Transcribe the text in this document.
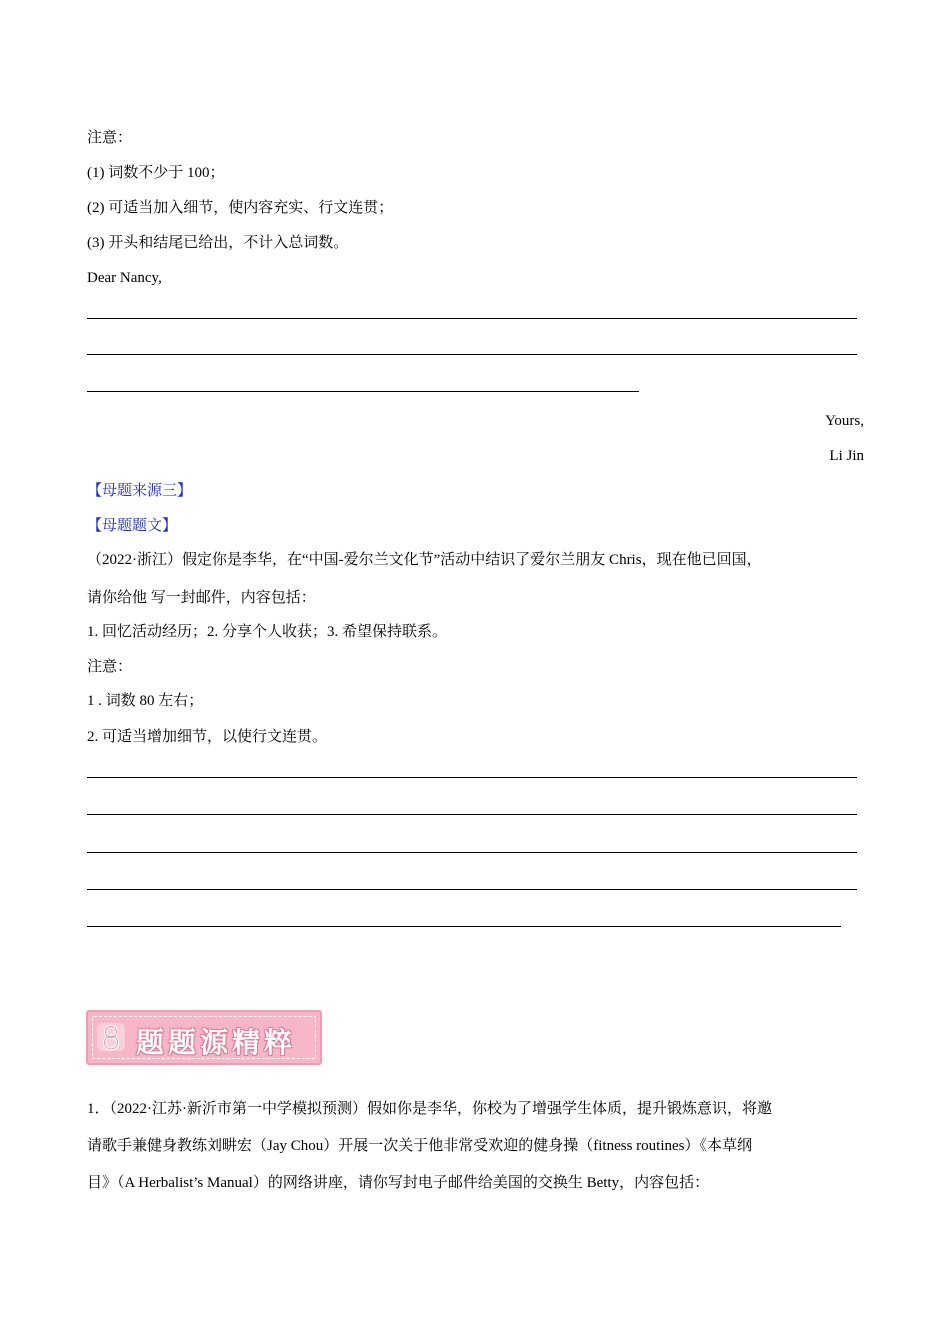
注意：
(1) 词数不少于 100；
(2) 可适当加入细节，使内容充实、行文连贯；
(3) 开头和结尾已给出，不计入总词数。
Dear Nancy,
Yours,
Li Jin
【母题来源三】
【母题题文】
（2022·浙江）假定你是李华，在“中国-爱尔兰文化节”活动中结识了爱尔兰朋友 Chris，现在他已回国，
请你给他 写一封邮件，内容包括：
1. 回忆活动经历；2. 分享个人收获；3. 希望保持联系。
注意：
1 . 词数 80 左右；
2. 可适当增加细节，以使行文连贯。
题题源精粹
1．（2022·江苏·新沂市第一中学模拟预测）假如你是李华，你校为了增强学生体质，提升锻炼意识，将邀
请歌手兼健身教练刘畊宏（Jay Chou）开展一次关于他非常受欢迎的健身操（fitness routines）《本草纲
目》（A Herbalist’s Manual）的网络讲座，请你写封电子邮件给美国的交换生 Betty，内容包括：
